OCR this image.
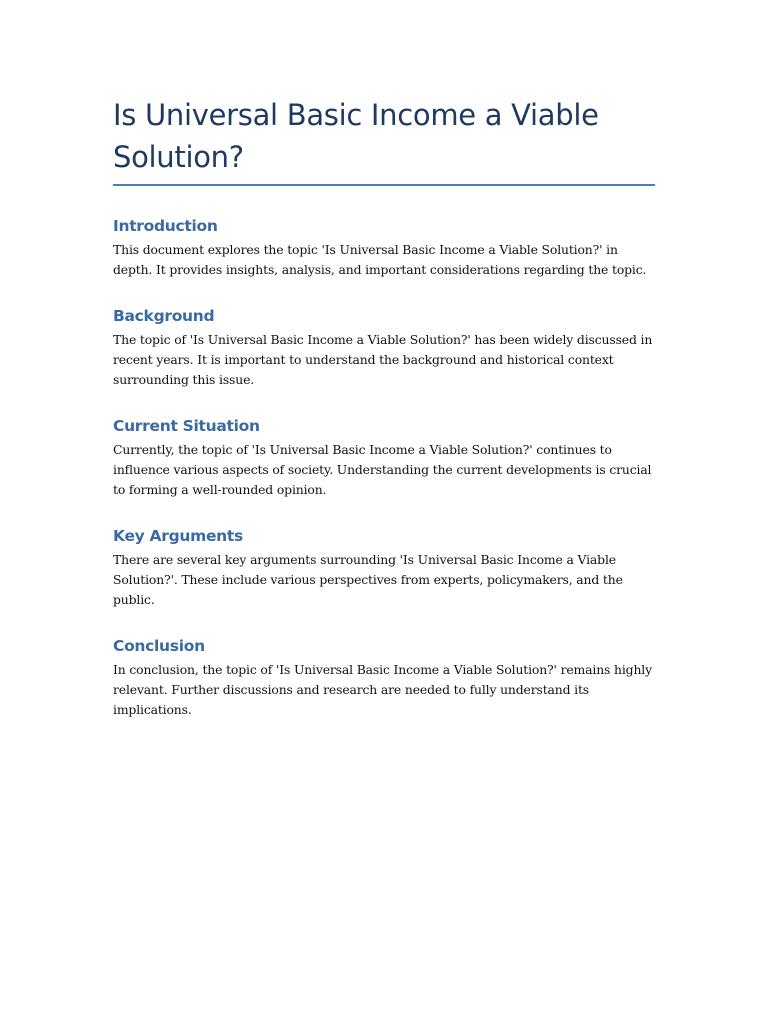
Is Universal Basic Income a Viable Solution?
Introduction

This document explores the topic 'Is Universal Basic Income a Viable Solution?' in depth. It provides insights, analysis, and important considerations regarding the topic.

Background

The topic of 'Is Universal Basic Income a Viable Solution?' has been widely discussed in recent years. It is important to understand the background and historical context surrounding this issue.

Current Situation

Currently, the topic of 'Is Universal Basic Income a Viable Solution?' continues to influence various aspects of society. Understanding the current developments is crucial to forming a well-rounded opinion.

Key Arguments

There are several key arguments surrounding 'Is Universal Basic Income a Viable Solution?'. These include various perspectives from experts, policymakers, and the public.

Conclusion

In conclusion, the topic of 'Is Universal Basic Income a Viable Solution?' remains highly relevant. Further discussions and research are needed to fully understand its implications.
